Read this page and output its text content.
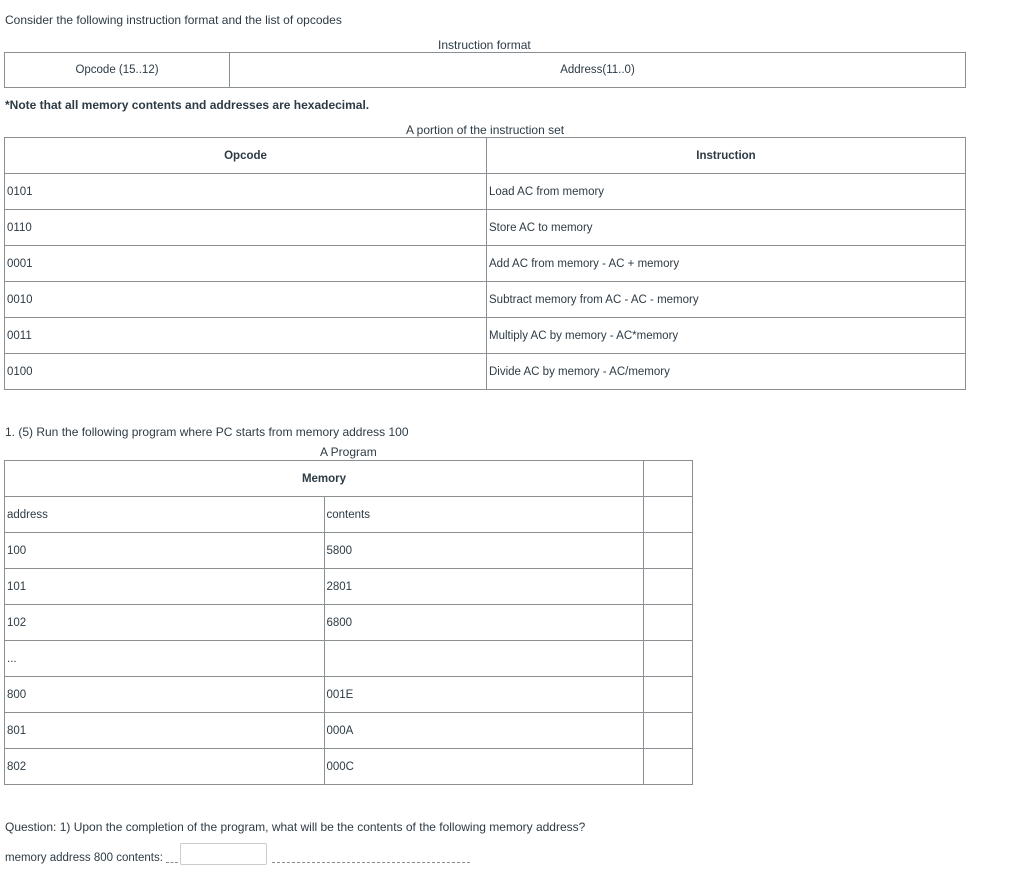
Consider the following instruction format and the list of opcodes
Instruction format
Opcode (15..12)	Address(11..0)
*Note that all memory contents and addresses are hexadecimal.
A portion of the instruction set
Opcode	Instruction
0101	Load AC from memory
0110	Store AC to memory
0001	Add AC from memory - AC + memory
0010	Subtract memory from AC - AC - memory
0011	Multiply AC by memory - AC*memory
0100	Divide AC by memory - AC/memory
1. (5) Run the following program where PC starts from memory address 100
A Program
Memory		
address	contents	
100	5800	
101	2801	
102	6800	
...		
800	001E	
801	000A	
802	000C	
Question: 1) Upon the completion of the program, what will be the contents of the following memory address?
memory address 800 contents:
